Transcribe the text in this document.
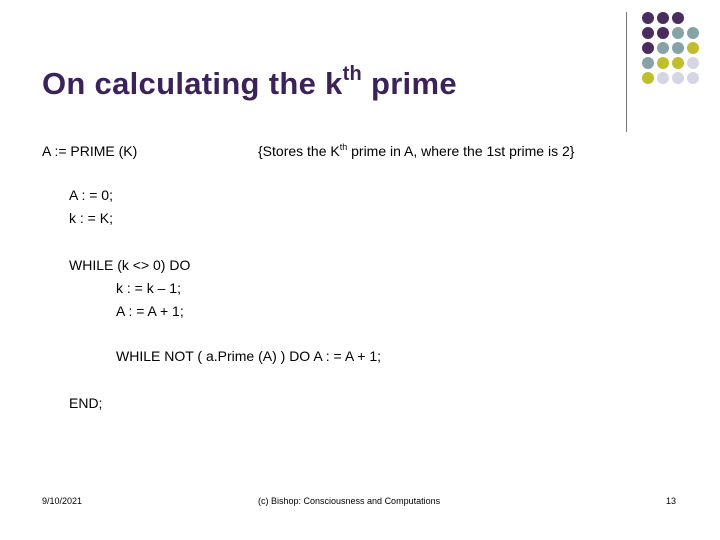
On calculating the $k^{th}$ prime
A := PRIME (K)	{Stores the $K^{th}$ prime in A, where the 1st prime is 2}
A : = 0;
k : = K;
WHILE (k <> 0) DO
k : = k – 1;
A : = A + 1;
WHILE NOT ( a.Prime (A) ) DO A : = A + 1;
END;
9/10/2021	(c) Bishop: Consciousness and Computations	13
